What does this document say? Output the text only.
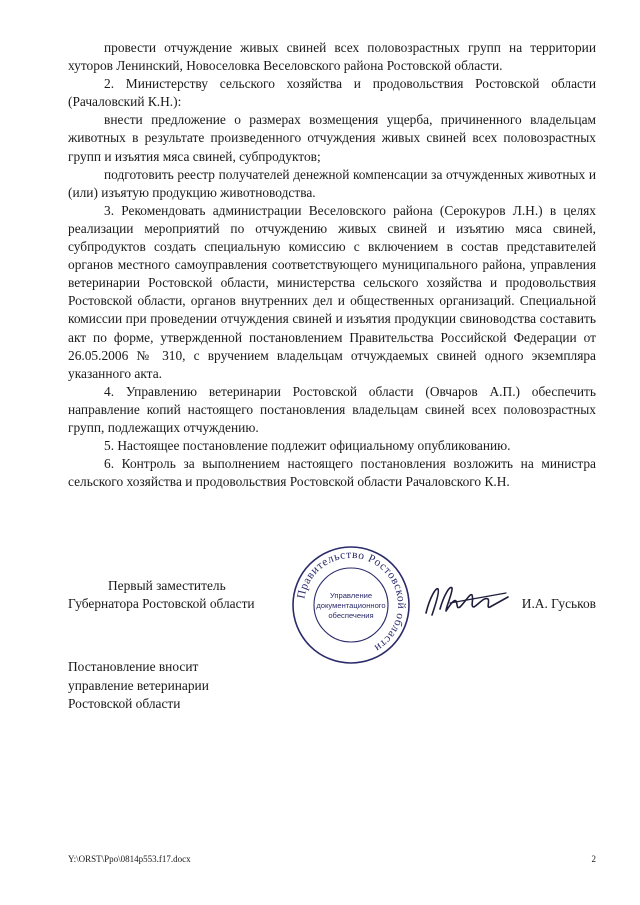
провести отчуждение живых свиней всех половозрастных групп на территории хуторов Ленинский, Новоселовка Веселовского района Ростовской области.

2. Министерству сельского хозяйства и продовольствия Ростовской области (Рачаловский К.Н.):

внести предложение о размерах возмещения ущерба, причиненного владельцам животных в результате произведенного отчуждения живых свиней всех половозрастных групп и изъятия мяса свиней, субпродуктов;

подготовить реестр получателей денежной компенсации за отчужденных животных и (или) изъятую продукцию животноводства.

3. Рекомендовать администрации Веселовского района (Серокуров Л.Н.) в целях реализации мероприятий по отчуждению живых свиней и изъятию мяса свиней, субпродуктов создать специальную комиссию с включением в состав представителей органов местного самоуправления соответствующего муниципального района, управления ветеринарии Ростовской области, министерства сельского хозяйства и продовольствия Ростовской области, органов внутренних дел и общественных организаций. Специальной комиссии при проведении отчуждения свиней и изъятия продукции свиноводства составить акт по форме, утвержденной постановлением Правительства Российской Федерации от 26.05.2006 № 310, с вручением владельцам отчуждаемых свиней одного экземпляра указанного акта.

4. Управлению ветеринарии Ростовской области (Овчаров А.П.) обеспечить направление копий настоящего постановления владельцам свиней всех половозрастных групп, подлежащих отчуждению.

5. Настоящее постановление подлежит официальному опубликованию.

6. Контроль за выполнением настоящего постановления возложить на министра сельского хозяйства и продовольствия Ростовской области Рачаловского К.Н.

Первый заместитель
Губернатора Ростовской области
Правительство Ростовской области
Управление
документационного
обеспечения
И.А. Гуськов
Постановление вносит
управление ветеринарии
Ростовской области
Y:\ORST\Ppo\0814p553.f17.docx	2
